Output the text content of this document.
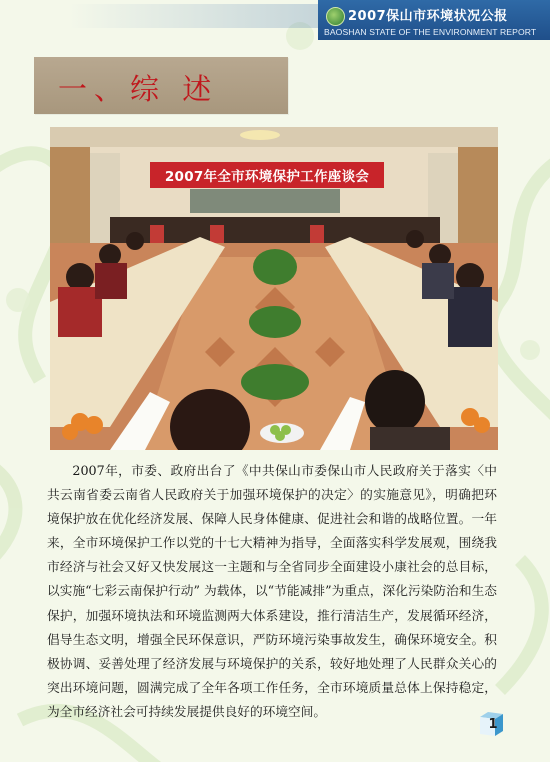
2007保山市环境状况公报
BAOSHAN STATE OF THE ENVIRONMENT REPORT
一、综 述
2007年全市环境保护工作座谈会

2007年，市委、政府出台了《中共保山市委保山市人民政府关于落实〈中共云南省委云南省人民政府关于加强环境保护的决定〉的实施意见》，明确把环境保护放在优化经济发展、保障人民身体健康、促进社会和谐的战略位置。一年来，全市环境保护工作以党的十七大精神为指导，全面落实科学发展观，围绕我市经济与社会又好又快发展这一主题和与全省同步全面建设小康社会的总目标，以实施“七彩云南保护行动” 为载体，以“节能减排”为重点，深化污染防治和生态保护，加强环境执法和环境监测两大体系建设，推行清洁生产，发展循环经济，倡导生态文明，增强全民环保意识，严防环境污染事故发生，确保环境安全。积极协调、妥善处理了经济发展与环境保护的关系，较好地处理了人民群众关心的突出环境问题，圆满完成了全年各项工作任务，全市环境质量总体上保持稳定，为全市经济社会可持续发展提供良好的环境空间。

1
